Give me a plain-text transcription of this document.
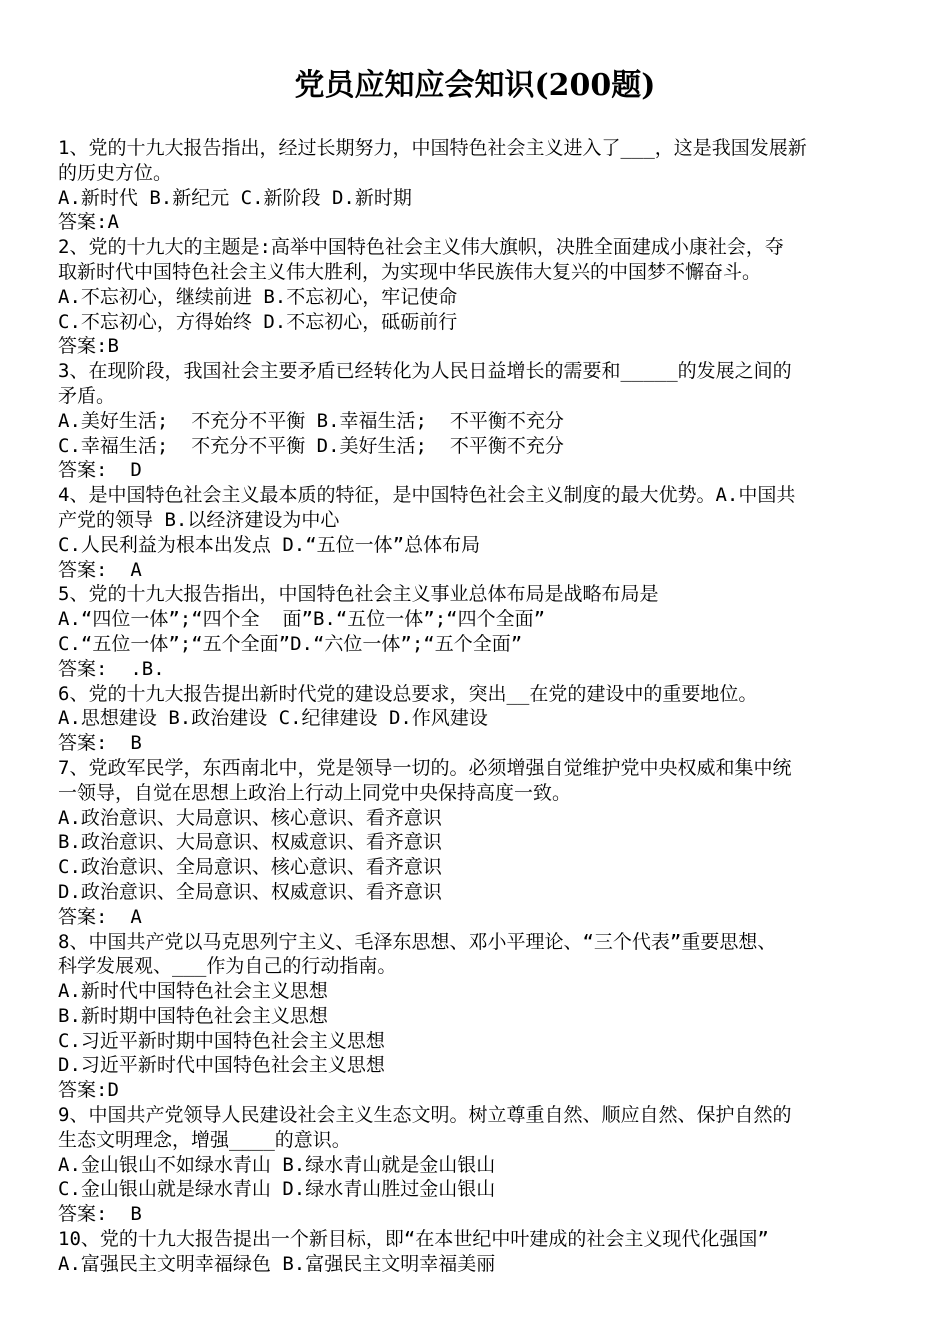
党员应知应会知识(200题)
1、党的十九大报告指出，经过长期努力，中国特色社会主义进入了___，这是我国发展新
的历史方位。
A.新时代 B.新纪元 C.新阶段 D.新时期
答案:A
2、党的十九大的主题是:高举中国特色社会主义伟大旗帜，决胜全面建成小康社会，夺
取新时代中国特色社会主义伟大胜利，为实现中华民族伟大复兴的中国梦不懈奋斗。
A.不忘初心，继续前进 B.不忘初心，牢记使命
C.不忘初心，方得始终 D.不忘初心，砥砺前行
答案:B
3、在现阶段，我国社会主要矛盾已经转化为人民日益增长的需要和_____的发展之间的
矛盾。
A.美好生活;  不充分不平衡 B.幸福生活;  不平衡不充分
C.幸福生活;  不充分不平衡 D.美好生活;  不平衡不充分
答案:  D
4、是中国特色社会主义最本质的特征，是中国特色社会主义制度的最大优势。A.中国共
产党的领导 B.以经济建设为中心
C.人民利益为根本出发点 D.“五位一体”总体布局
答案:  A
5、党的十九大报告指出，中国特色社会主义事业总体布局是战略布局是
A.“四位一体”;“四个全  面”B.“五位一体”;“四个全面”
C.“五位一体”;“五个全面”D.“六位一体”;“五个全面”
答案:  .B.
6、党的十九大报告提出新时代党的建设总要求，突出__在党的建设中的重要地位。
A.思想建设 B.政治建设 C.纪律建设 D.作风建设
答案:  B
7、党政军民学，东西南北中，党是领导一切的。必须增强自觉维护党中央权威和集中统
一领导，自觉在思想上政治上行动上同党中央保持高度一致。
A.政治意识、大局意识、核心意识、看齐意识
B.政治意识、大局意识、权威意识、看齐意识
C.政治意识、全局意识、核心意识、看齐意识
D.政治意识、全局意识、权威意识、看齐意识
答案:  A
8、中国共产党以马克思列宁主义、毛泽东思想、邓小平理论、“三个代表”重要思想、
科学发展观、___作为自己的行动指南。
A.新时代中国特色社会主义思想
B.新时期中国特色社会主义思想
C.习近平新时期中国特色社会主义思想
D.习近平新时代中国特色社会主义思想
答案:D
9、中国共产党领导人民建设社会主义生态文明。树立尊重自然、顺应自然、保护自然的
生态文明理念，增强____的意识。
A.金山银山不如绿水青山 B.绿水青山就是金山银山
C.金山银山就是绿水青山 D.绿水青山胜过金山银山
答案:  B
10、党的十九大报告提出一个新目标，即“在本世纪中叶建成的社会主义现代化强国”
A.富强民主文明幸福绿色 B.富强民主文明幸福美丽
